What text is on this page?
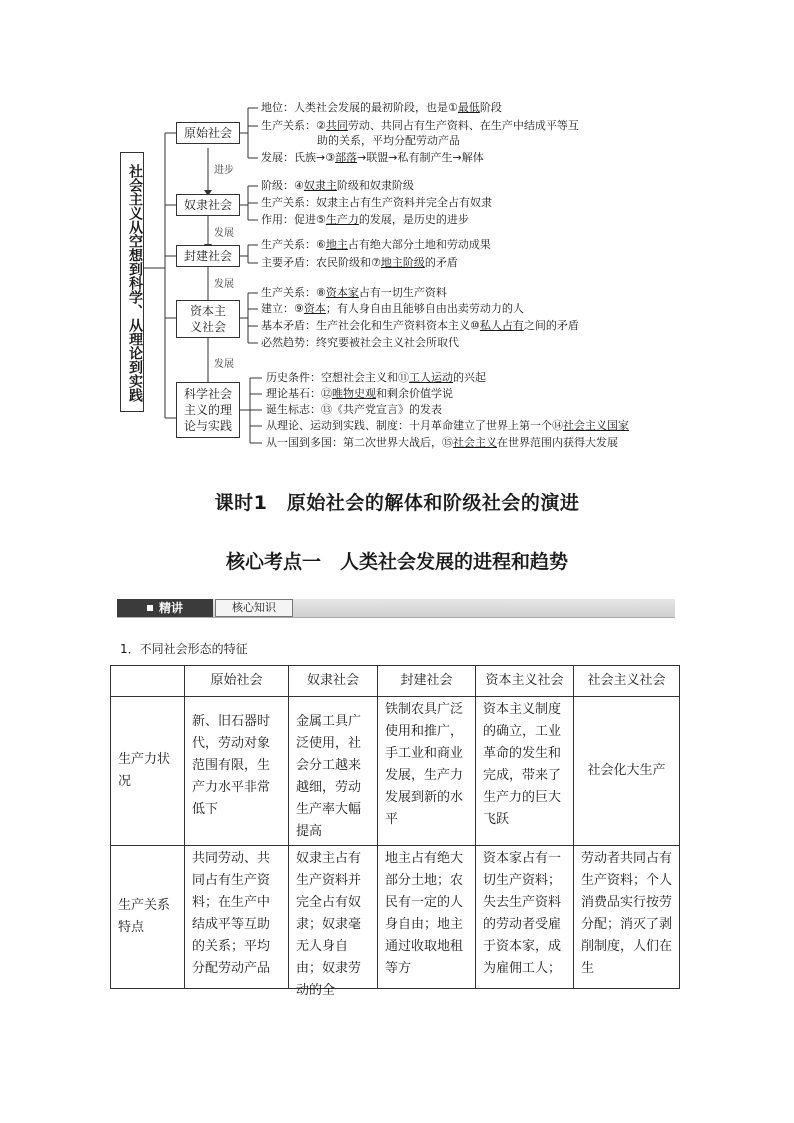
社会主义从空想到科学、从理论到实践
原始社会
奴隶社会
封建社会
资本主义社会
科学社会主义的理论与实践
进步
发展
发展
发展
地位：人类社会发展的最初阶段，也是①最低阶段
生产关系：②共同劳动、共同占有生产资料、在生产中结成平等互
助的关系，平均分配劳动产品
发展：氏族→③部落→联盟→私有制产生→解体
阶级：④奴隶主阶级和奴隶阶级
生产关系：奴隶主占有生产资料并完全占有奴隶
作用：促进⑤生产力的发展，是历史的进步
生产关系：⑥地主占有绝大部分土地和劳动成果
主要矛盾：农民阶级和⑦地主阶级的矛盾
生产关系：⑧资本家占有一切生产资料
建立：⑨资本；有人身自由且能够自由出卖劳动力的人
基本矛盾：生产社会化和生产资料资本主义⑩私人占有之间的矛盾
必然趋势：终究要被社会主义社会所取代
历史条件：空想社会主义和⑪工人运动的兴起
理论基石：⑫唯物史观和剩余价值学说
诞生标志：⑬《共产党宣言》的发表
从理论、运动到实践、制度：十月革命建立了世界上第一个⑭社会主义国家
从一国到多国：第二次世界大战后，⑮社会主义在世界范围内获得大发展
课时1　原始社会的解体和阶级社会的演进
核心考点一　人类社会发展的进程和趋势
精讲	核心知识
1．不同社会形态的特征
	原始社会	奴隶社会	封建社会	资本主义社会	社会主义社会
生产力状况	新、旧石器时代，劳动对象范围有限，生产力水平非常低下	金属工具广泛使用，社会分工越来越细，劳动生产率大幅提高	铁制农具广泛使用和推广，手工业和商业发展，生产力发展到新的水平	资本主义制度的确立，工业革命的发生和完成，带来了生产力的巨大飞跃	社会化大生产
生产关系特点	共同劳动、共同占有生产资料；在生产中结成平等互助的关系；平均分配劳动产品	奴隶主占有生产资料并完全占有奴隶；奴隶毫无人身自由；奴隶劳动的全	地主占有绝大部分土地；农民有一定的人身自由；地主通过收取地租等方	资本家占有一切生产资料；失去生产资料的劳动者受雇于资本家，成为雇佣工人；	劳动者共同占有生产资料；个人消费品实行按劳分配；消灭了剥削制度，人们在生
